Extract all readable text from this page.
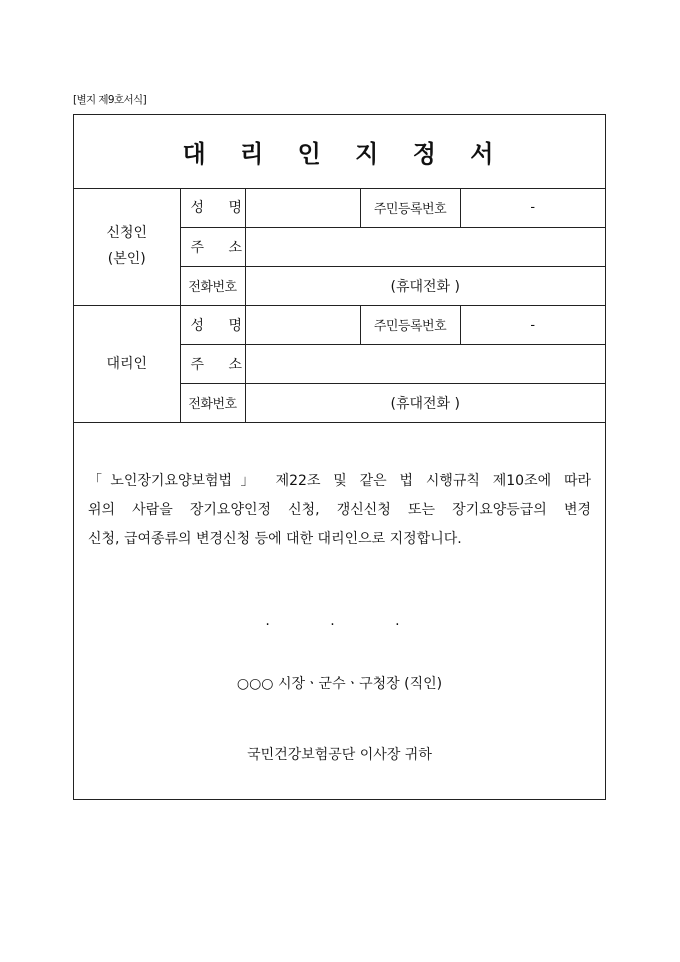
[별지 제9호서식]
대 리 인 지 정 서
신청인
(본인)	성 명		주민등록번호	-
	주 소			
	전화번호	(휴대전화 )		

대리인	성 명		주민등록번호	-
	주 소			
	전화번호	(휴대전화 )		

「노인장기요양보험법」 제22조 및 같은 법 시행규칙 제10조에 따라

위의 사람을 장기요양인정 신청, 갱신신청 또는 장기요양등급의 변경

신청, 급여종류의 변경신청 등에 대한 대리인으로 지정합니다.

. . .
○○○ 시장ㆍ군수ㆍ구청장 (직인)
국민건강보험공단 이사장 귀하
